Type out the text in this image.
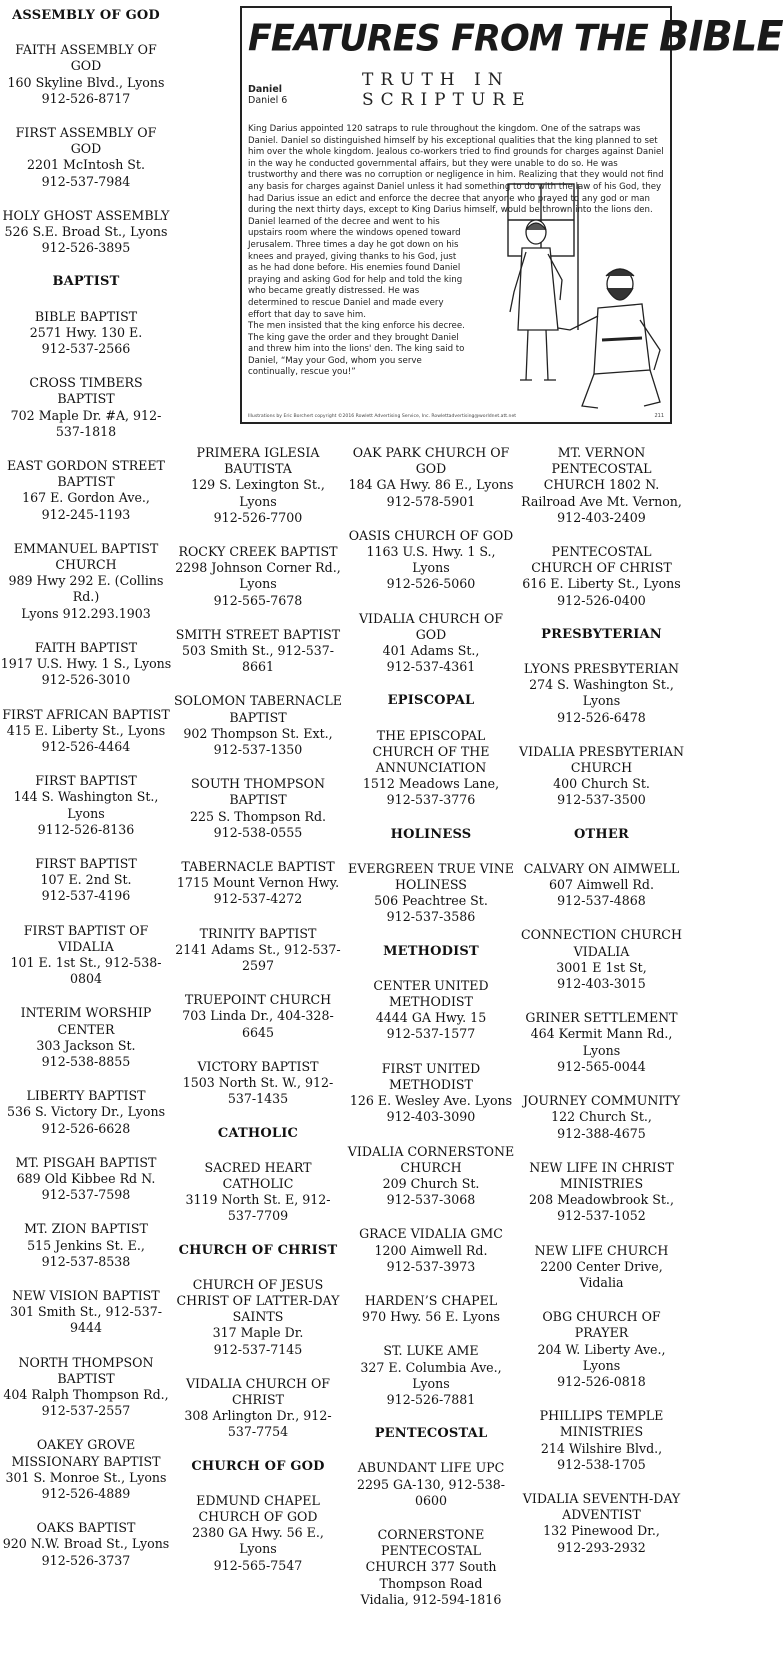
FEATURES FROM THE BIBLE
TRUTH IN SCRIPTURE
Daniel
Daniel 6
King Darius appointed 120 satraps to rule throughout the kingdom. One of the satraps was Daniel. Daniel so distinguished himself by his exceptional qualities that the king planned to set him over the whole kingdom. Jealous co-workers tried to find grounds for charges against Daniel in the way he conducted governmental affairs, but they were unable to do so. He was trustworthy and there was no corruption or negligence in him. Realizing that they would not find any basis for charges against Daniel unless it had something to do with the law of his God, they had Darius issue an edict and enforce the decree that anyone who prayed to any god or man during the next thirty days, except to King Darius himself, would be thrown into the lions den.
Daniel learned of the decree and went to his upstairs room where the windows opened toward Jerusalem. Three times a day he got down on his knees and prayed, giving thanks to his God, just as he had done before. His enemies found Daniel praying and asking God for help and told the king who became greatly distressed. He was determined to rescue Daniel and made every effort that day to save him.
The men insisted that the king enforce his decree. The king gave the order and they brought Daniel and threw him into the lions' den. The king said to Daniel, “May your God, whom you serve continually, rescue you!”
Illustrations by Eric Borchert copyright ©2016 Rowlett Advertising Service, Inc. Rowlettadvertising@worldnet.att.net	211
ASSEMBLY OF GOD
FAITH ASSEMBLY OF GOD
160 Skyline Blvd., Lyons
912-526-8717
FIRST ASSEMBLY OF GOD
2201 McIntosh St.
912-537-7984
HOLY GHOST ASSEMBLY
526 S.E. Broad St., Lyons
912-526-3895
BAPTIST
BIBLE BAPTIST
2571 Hwy. 130 E.
912-537-2566
CROSS TIMBERS BAPTIST
702 Maple Dr. #A, 912-537-1818
EAST GORDON STREET BAPTIST
167 E. Gordon Ave.,
912-245-1193
EMMANUEL BAPTIST CHURCH
989 Hwy 292 E. (Collins Rd.)
Lyons 912.293.1903
FAITH BAPTIST
1917 U.S. Hwy. 1 S., Lyons
912-526-3010
FIRST AFRICAN BAPTIST
415 E. Liberty St., Lyons
912-526-4464
FIRST BAPTIST
144 S. Washington St., Lyons
9112-526-8136
FIRST BAPTIST
107 E. 2nd St.
912-537-4196
FIRST BAPTIST OF VIDALIA
101 E. 1st St., 912-538-0804
INTERIM WORSHIP CENTER
303 Jackson St.
912-538-8855
LIBERTY BAPTIST
536 S. Victory Dr., Lyons
912-526-6628
MT. PISGAH BAPTIST
689 Old Kibbee Rd N.
912-537-7598
MT. ZION BAPTIST
515 Jenkins St. E.,
912-537-8538
NEW VISION BAPTIST
301 Smith St., 912-537-9444
NORTH THOMPSON BAPTIST
404 Ralph Thompson Rd., 912-537-2557
OAKEY GROVE MISSIONARY BAPTIST
301 S. Monroe St., Lyons
912-526-4889
OAKS BAPTIST
920 N.W. Broad St., Lyons
912-526-3737
PRIMERA IGLESIA BAUTISTA
129 S. Lexington St., Lyons
912-526-7700
ROCKY CREEK BAPTIST
2298 Johnson Corner Rd., Lyons
912-565-7678
SMITH STREET BAPTIST
503 Smith St., 912-537-8661
SOLOMON TABERNACLE BAPTIST
902 Thompson St. Ext.,
912-537-1350
SOUTH THOMPSON BAPTIST
225 S. Thompson Rd.
912-538-0555
TABERNACLE BAPTIST
1715 Mount Vernon Hwy. 912-537-4272
TRINITY BAPTIST
2141 Adams St., 912-537-2597
TRUEPOINT CHURCH
703 Linda Dr., 404-328-6645
VICTORY BAPTIST
1503 North St. W., 912-537-1435
CATHOLIC
SACRED HEART CATHOLIC
3119 North St. E, 912-537-7709
CHURCH OF CHRIST
CHURCH OF JESUS CHRIST OF LATTER-DAY SAINTS
317 Maple Dr.
912-537-7145
VIDALIA CHURCH OF CHRIST
308 Arlington Dr., 912-537-7754
CHURCH OF GOD
EDMUND CHAPEL CHURCH OF GOD
2380 GA Hwy. 56 E., Lyons
912-565-7547
OAK PARK CHURCH OF GOD
184 GA Hwy. 86 E., Lyons
912-578-5901
OASIS CHURCH OF GOD
1163 U.S. Hwy. 1 S., Lyons
912-526-5060
VIDALIA CHURCH OF GOD
401 Adams St.,
912-537-4361
EPISCOPAL
THE EPISCOPAL CHURCH OF THE ANNUNCIATION
1512 Meadows Lane,
912-537-3776
HOLINESS
EVERGREEN TRUE VINE HOLINESS
506 Peachtree St.
912-537-3586
METHODIST
CENTER UNITED METHODIST
4444 GA Hwy. 15
912-537-1577
FIRST UNITED METHODIST
126 E. Wesley Ave. Lyons
912-403-3090
VIDALIA CORNERSTONE CHURCH
209 Church St.
912-537-3068
GRACE VIDALIA GMC
1200 Aimwell Rd.
912-537-3973
HARDEN’S CHAPEL
970 Hwy. 56 E. Lyons
ST. LUKE AME
327 E. Columbia Ave., Lyons
912-526-7881
PENTECOSTAL
ABUNDANT LIFE UPC
2295 GA-130, 912-538-0600
CORNERSTONE PENTECOSTAL
CHURCH 377 South Thompson Road
Vidalia, 912-594-1816
MT. VERNON PENTECOSTAL
CHURCH 1802 N. Railroad Ave Mt. Vernon, 912-403-2409
PENTECOSTAL CHURCH OF CHRIST
616 E. Liberty St., Lyons
912-526-0400
PRESBYTERIAN
LYONS PRESBYTERIAN
274 S. Washington St., Lyons
912-526-6478
VIDALIA PRESBYTERIAN CHURCH
400 Church St.
912-537-3500
OTHER
CALVARY ON AIMWELL
607 Aimwell Rd.
912-537-4868
CONNECTION CHURCH VIDALIA
3001 E 1st St,
912-403-3015
GRINER SETTLEMENT
464 Kermit Mann Rd., Lyons
912-565-0044
JOURNEY COMMUNITY
122 Church St.,
912-388-4675
NEW LIFE IN CHRIST MINISTRIES
208 Meadowbrook St.,
912-537-1052
NEW LIFE CHURCH
2200 Center Drive, Vidalia
OBG CHURCH OF PRAYER
204 W. Liberty Ave., Lyons
912-526-0818
PHILLIPS TEMPLE MINISTRIES
214 Wilshire Blvd.,
912-538-1705
VIDALIA SEVENTH-DAY ADVENTIST
132 Pinewood Dr.,
912-293-2932
